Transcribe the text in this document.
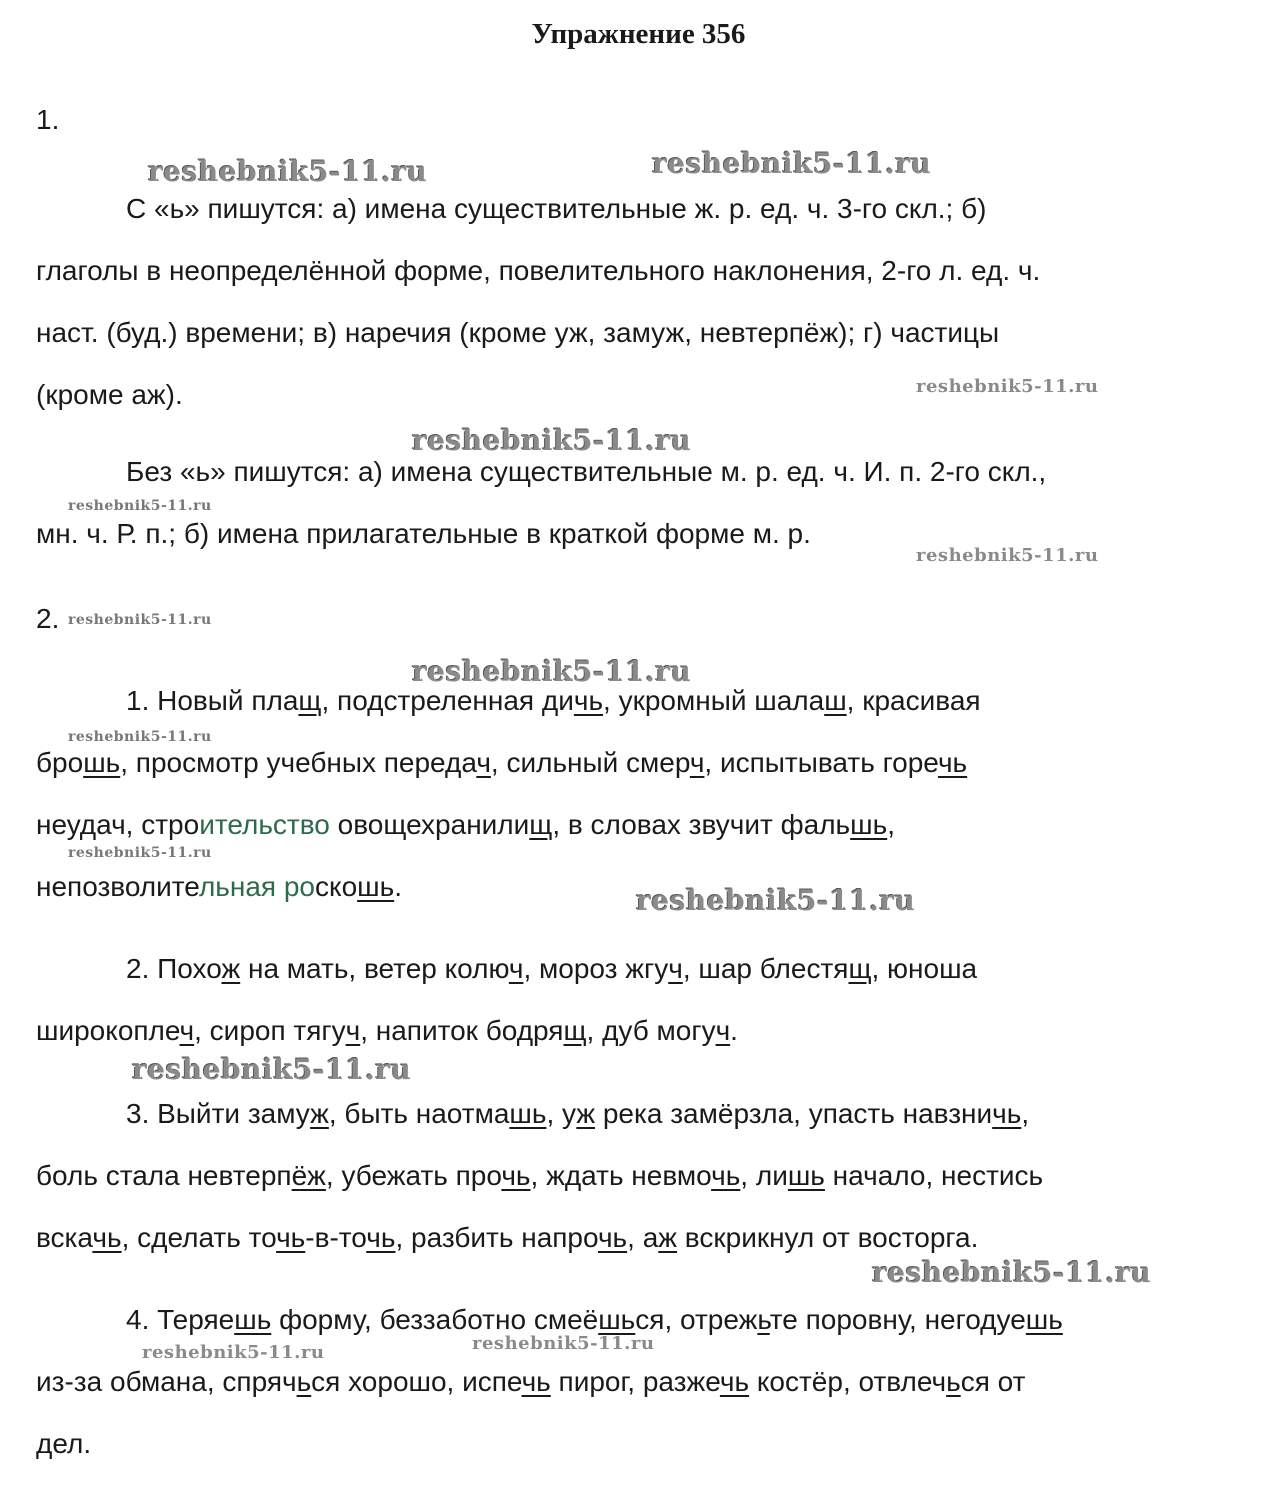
Упражнение 356
1.
С «ь» пишутся: а) имена существительные ж. р. ед. ч. 3-го скл.; б)
глаголы в неопределённой форме, повелительного наклонения, 2-го л. ед. ч.
наст. (буд.) времени; в) наречия (кроме уж, замуж, невтерпёж); г) частицы
(кроме аж).
Без «ь» пишутся: а) имена существительные м. р. ед. ч. И. п. 2-го скл.,
мн. ч. Р. п.; б) имена прилагательные в краткой форме м. р.
2.
1. Новый плащ, подстреленная дичь, укромный шалаш, красивая
брошь, просмотр учебных передач, сильный смерч, испытывать горечь
неудач, строительство овощехранилищ, в словах звучит фальшь,
непозволительная роскошь.
2. Похож на мать, ветер колюч, мороз жгуч, шар блестящ, юноша
широкоплеч, сироп тягуч, напиток бодрящ, дуб могуч.
3. Выйти замуж, быть наотмашь, уж река замёрзла, упасть навзничь,
боль стала невтерпёж, убежать прочь, ждать невмочь, лишь начало, нестись
вскачь, сделать точь-в-точь, разбить напрочь, аж вскрикнул от восторга.
4. Теряешь форму, беззаботно смеёшься, отрежьте поровну, негодуешь
из-за обмана, спрячься хорошо, испечь пирог, разжечь костёр, отвлечься от
дел.
reshebnik5-11.ru	reshebnik5-11.ru
reshebnik5-11.ru
reshebnik5-11.ru
reshebnik5-11.ru
reshebnik5-11.ru
reshebnik5-11.ru
reshebnik5-11.ru
reshebnik5-11.ru
reshebnik5-11.ru
reshebnik5-11.ru
reshebnik5-11.ru
reshebnik5-11.ru
reshebnik5-11.ru	reshebnik5-11.ru
